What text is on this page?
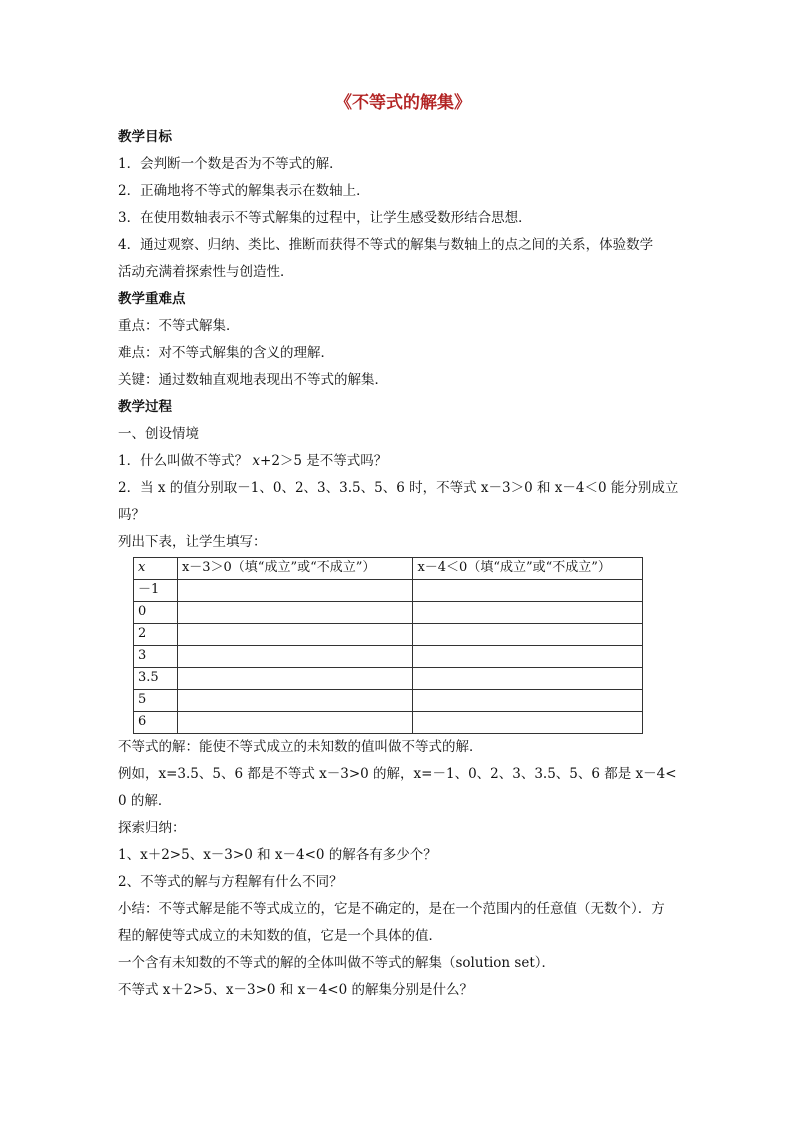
《不等式的解集》
教学目标
1．会判断一个数是否为不等式的解．
2．正确地将不等式的解集表示在数轴上．
3．在使用数轴表示不等式解集的过程中，让学生感受数形结合思想．
4．通过观察、归纳、类比、推断而获得不等式的解集与数轴上的点之间的关系，体验数学
活动充满着探索性与创造性．
教学重难点
重点：不等式解集．
难点：对不等式解集的含义的理解．
关键：通过数轴直观地表现出不等式的解集．
教学过程
一、创设情境
1．什么叫做不等式？ x+2＞5 是不等式吗？
2．当 x 的值分别取－1、0、2、3、3.5、5、6 时，不等式 x－3＞0 和 x－4＜0 能分别成立
吗？
列出下表，让学生填写：
x	x－3＞0（填“成立”或“不成立”）	x－4＜0（填“成立”或“不成立”）
－1		
0		
2		
3		
3.5		
5		
6		
不等式的解：能使不等式成立的未知数的值叫做不等式的解．
例如，x=3.5、5、6 都是不等式 x－3>0 的解，x=－1、0、2、3、3.5、5、6 都是 x－4<
0 的解．
探索归纳：
1、x＋2>5、x－3>0 和 x－4<0 的解各有多少个？
2、不等式的解与方程解有什么不同？
小结：不等式解是能不等式成立的，它是不确定的，是在一个范围内的任意值（无数个）．方
程的解使等式成立的未知数的值，它是一个具体的值．
一个含有未知数的不等式的解的全体叫做不等式的解集（solution set）．
不等式 x＋2>5、x－3>0 和 x－4<0 的解集分别是什么？
